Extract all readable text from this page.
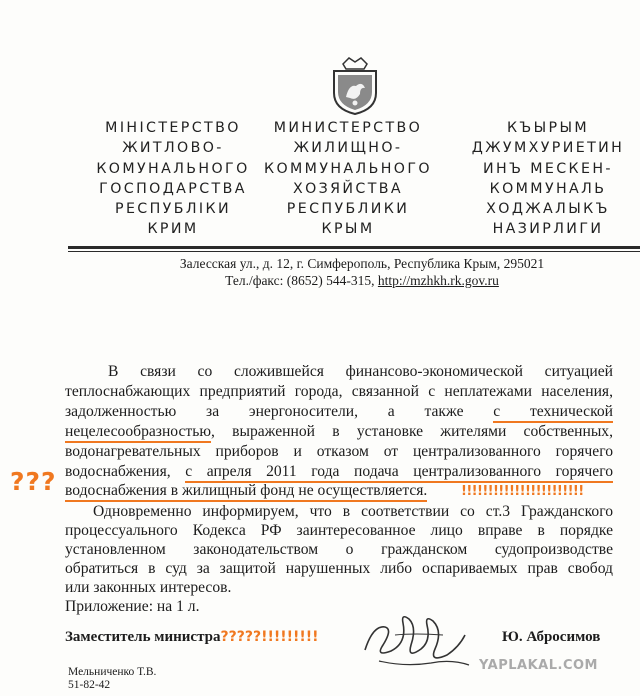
МІНІСТЕРСТВО
ЖИТЛОВО-
КОМУНАЛЬНОГО
ГОСПОДАРСТВА
РЕСПУБЛІКИ
КРИМ
МИНИСТЕРСТВО
ЖИЛИЩНО-
КОММУНАЛЬНОГО
ХОЗЯЙСТВА
РЕСПУБЛИКИ
КРЫМ
КЪЫРЫМ
ДЖУМХУРИЕТИН
ИНЪ МЕСКЕН-
КОММУНАЛЬ
ХОДЖАЛЫКЪ
НАЗИРЛИГИ
Залесская ул., д. 12, г. Симферополь, Республика Крым, 295021
Тел./факс: (8652) 544-315, http://mzhkh.rk.gov.ru
В связи со сложившейся финансово-экономической ситуацией
теплоснабжающих предприятий города, связанной с неплатежами населения,
задолженностью за энергоносители, а также с технической
нецелесообразностью, выраженной в установке жителями собственных,
водонагревательных приборов и отказом от централизованного горячего
водоснабжения, с апреля 2011 года подача централизованного горячего
водоснабжения в жилищный фонд не осуществляется.
???	!!!!!!!!!!!!!!!!!!!!!!!
Одновременно информируем, что в соответствии со ст.3 Гражданского
процессуального Кодекса РФ заинтересованное лицо вправе в порядке
установленном законодательством о гражданском судопроизводстве
обратиться в суд за защитой нарушенных либо оспариваемых прав свобод
или законных интересов.
Приложение: на 1 л.
Заместитель министра?????!!!!!!!!!	Ю. Абросимов
Мельниченко Т.В.
51-82-42
YAPLAKAL.COM
